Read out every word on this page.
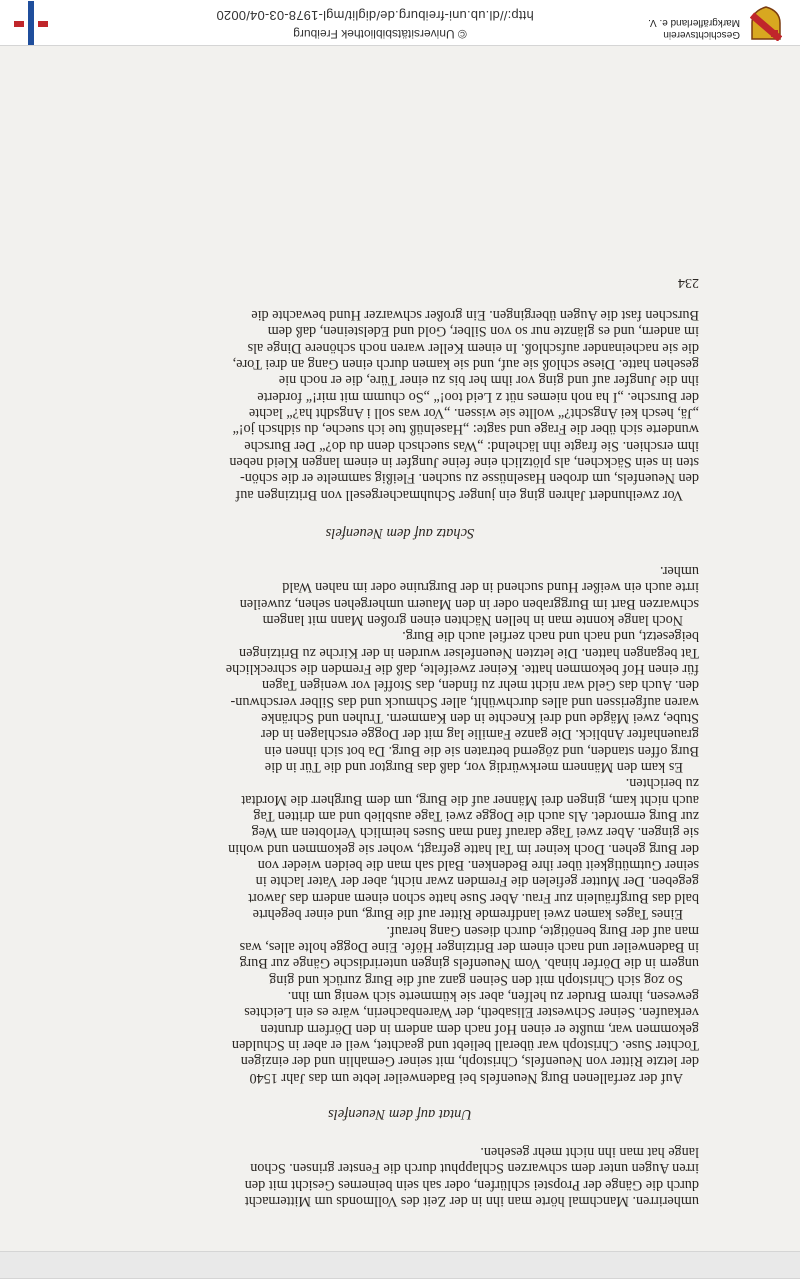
umherirren. Manchmal hörte man ihn in der Zeit des Vollmonds um Mitternacht
durch die Gänge der Propstei schlürfen, oder sah sein beinernes Gesicht mit den
irren Augen unter dem schwarzen Schlapphut durch die Fenster grinsen. Schon
lange hat man ihn nicht mehr gesehen.

Untat auf dem Neuenfels

Auf der zerfallenen Burg Neuenfels bei Badenweiler lebte um das Jahr 1540
der letzte Ritter von Neuenfels, Christoph, mit seiner Gemahlin und der einzigen
Tochter Suse. Christoph war überall beliebt und geachtet, weil er aber in Schulden
gekommen war, mußte er einen Hof nach dem andern in den Dörfern drunten
verkaufen. Seiner Schwester Elisabeth, der Warenbacherin, wäre es ein Leichtes
gewesen, ihrem Bruder zu helfen, aber sie kümmerte sich wenig um ihn.

So zog sich Christoph mit den Seinen ganz auf die Burg zurück und ging
ungern in die Dörfer hinab. Vom Neuenfels gingen unterirdische Gänge zur Burg
in Badenweiler und nach einem der Britzinger Höfe. Eine Dogge holte alles, was
man auf der Burg benötigte, durch diesen Gang herauf.

Eines Tages kamen zwei landfremde Ritter auf die Burg, und einer begehrte
bald das Burgfräulein zur Frau. Aber Suse hatte schon einem andern das Jawort
gegeben. Der Mutter gefielen die Fremden zwar nicht, aber der Vater lachte in
seiner Gutmütigkeit über ihre Bedenken. Bald sah man die beiden wieder von
der Burg gehen. Doch keiner im Tal hatte gefragt, woher sie gekommen und wohin
sie gingen. Aber zwei Tage darauf fand man Suses heimlich Verlobten am Weg
zur Burg ermordet. Als auch die Dogge zwei Tage ausblieb und am dritten Tag
auch nicht kam, gingen drei Männer auf die Burg, um dem Burgherr die Mordtat
zu berichten.

Es kam den Männern merkwürdig vor, daß das Burgtor und die Tür in die
Burg offen standen, und zögernd betraten sie die Burg. Da bot sich ihnen ein
grauenhafter Anblick. Die ganze Familie lag mit der Dogge erschlagen in der
Stube, zwei Mägde und drei Knechte in den Kammern. Truhen und Schränke
waren aufgerissen und alles durchwühlt, aller Schmuck und das Silber verschwun-
den. Auch das Geld war nicht mehr zu finden, das Stoffel vor wenigen Tagen
für einen Hof bekommen hatte. Keiner zweifelte, daß die Fremden die schreckliche
Tat begangen hatten. Die letzten Neuenfelser wurden in der Kirche zu Britzingen
beigesetzt, und nach und nach zerfiel auch die Burg.

Noch lange konnte man in hellen Nächten einen großen Mann mit langem
schwarzen Bart im Burggraben oder in den Mauern umhergehen sehen, zuweilen
irrte auch ein weißer Hund suchend in der Burgruine oder im nahen Wald
umher.

Schatz auf dem Neuenfels

Vor zweihundert Jahren ging ein junger Schuhmachergesell von Britzingen auf
den Neuenfels, um droben Haselnüsse zu suchen. Fleißig sammelte er die schön-
sten in sein Säckchen, als plötzlich eine feine Jungfer in einem langen Kleid neben
ihm erschien. Sie fragte ihn lächelnd: „Was suechsch denn du do?“ Der Bursche
wunderte sich über die Frage und sagte: „Haselnüß tue ich sueche, du sidhsch jo!“
„Jä, hesch kei Angscht?“ wollte sie wissen. „Vor was soll i Angsdht ha?“ lachte
der Bursche. „I ha noh niemes nüt z Leid too!“ „So chumm mit mir!“ forderte
ihn die Jungfer auf und ging vor ihm her bis zu einer Türe, die er noch nie
gesehen hatte. Diese schloß sie auf, und sie kamen durch einen Gang an drei Tore,
die sie nacheinander aufschloß. In einem Keller waren noch schönere Dinge als
im andern, und es glänzte nur so von Silber, Gold und Edelsteinen, daß dem
Burschen fast die Augen übergingen. Ein großer schwarzer Hund bewachte die

234
Geschichtsverein
Markgräflerland e. V.
© Universitätsbibliothek Freiburg
http://dl.ub.uni-freiburg.de/diglit/mgl-1978-03-04/0020
